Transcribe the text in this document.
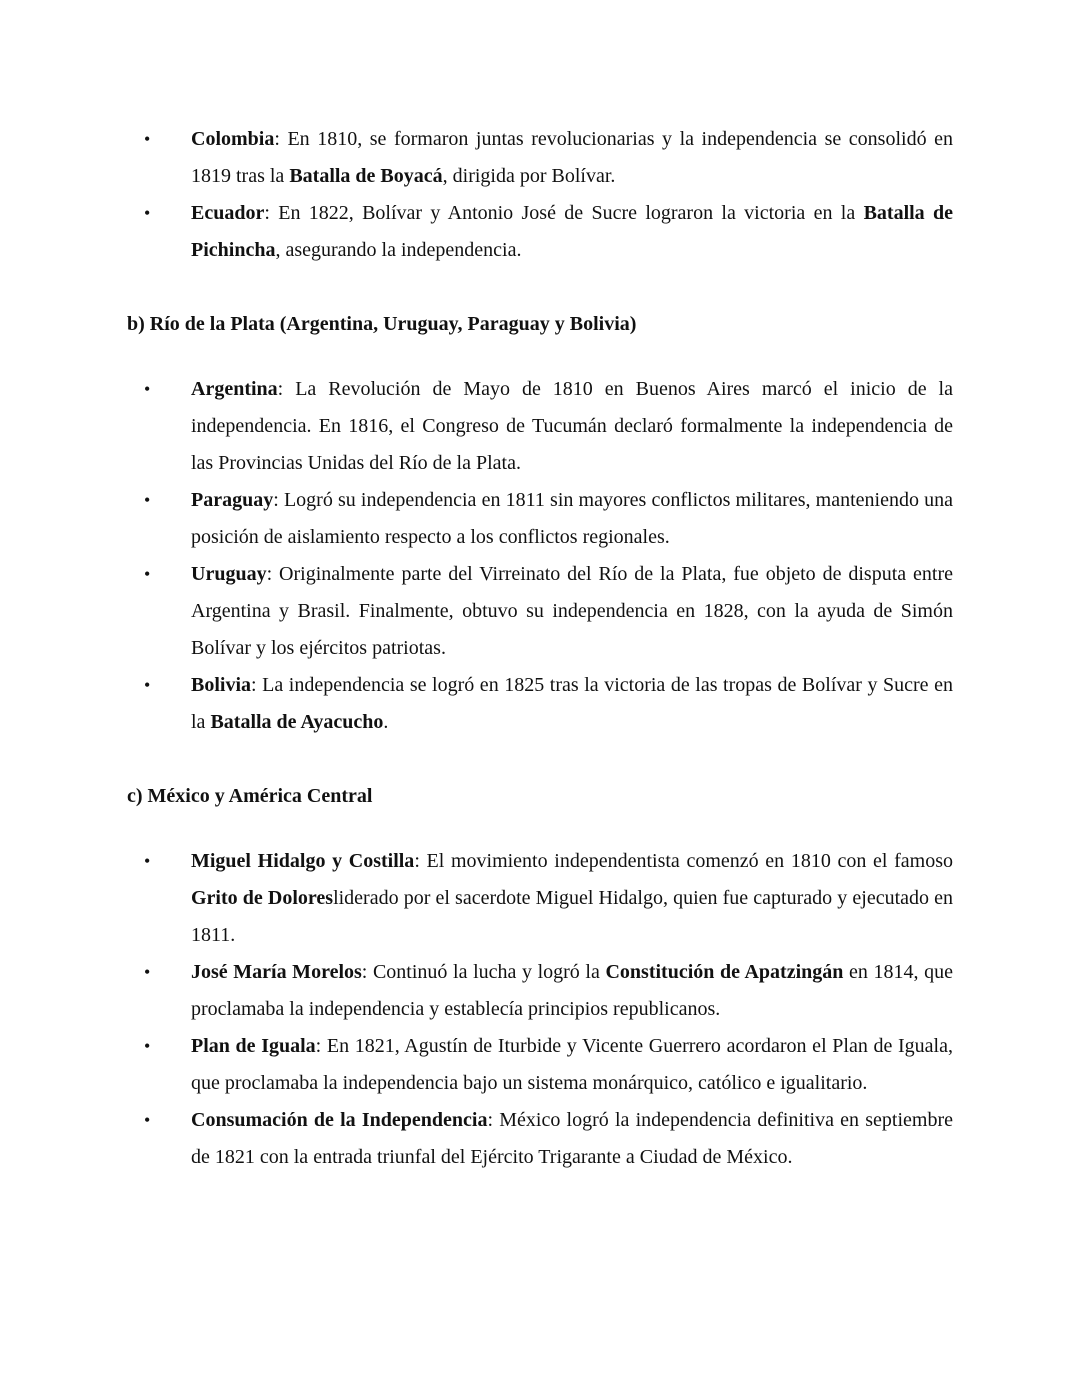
• Colombia: En 1810, se formaron juntas revolucionarias y la independencia se consolidó en 1819 tras la Batalla de Boyacá, dirigida por Bolívar.
• Ecuador: En 1822, Bolívar y Antonio José de Sucre lograron la victoria en la Batalla de Pichincha, asegurando la independencia.

b) Río de la Plata (Argentina, Uruguay, Paraguay y Bolivia)

• Argentina: La Revolución de Mayo de 1810 en Buenos Aires marcó el inicio de la independencia. En 1816, el Congreso de Tucumán declaró formalmente la independencia de las Provincias Unidas del Río de la Plata.
• Paraguay: Logró su independencia en 1811 sin mayores conflictos militares, manteniendo una posición de aislamiento respecto a los conflictos regionales.
• Uruguay: Originalmente parte del Virreinato del Río de la Plata, fue objeto de disputa entre Argentina y Brasil. Finalmente, obtuvo su independencia en 1828, con la ayuda de Simón Bolívar y los ejércitos patriotas.
• Bolivia: La independencia se logró en 1825 tras la victoria de las tropas de Bolívar y Sucre en la Batalla de Ayacucho.

c) México y América Central

• Miguel Hidalgo y Costilla: El movimiento independentista comenzó en 1810 con el famoso Grito de Doloresliderado por el sacerdote Miguel Hidalgo, quien fue capturado y ejecutado en 1811.
• José María Morelos: Continuó la lucha y logró la Constitución de Apatzingán en 1814, que proclamaba la independencia y establecía principios republicanos.
• Plan de Iguala: En 1821, Agustín de Iturbide y Vicente Guerrero acordaron el Plan de Iguala, que proclamaba la independencia bajo un sistema monárquico, católico e igualitario.
• Consumación de la Independencia: México logró la independencia definitiva en septiembre de 1821 con la entrada triunfal del Ejército Trigarante a Ciudad de México.
